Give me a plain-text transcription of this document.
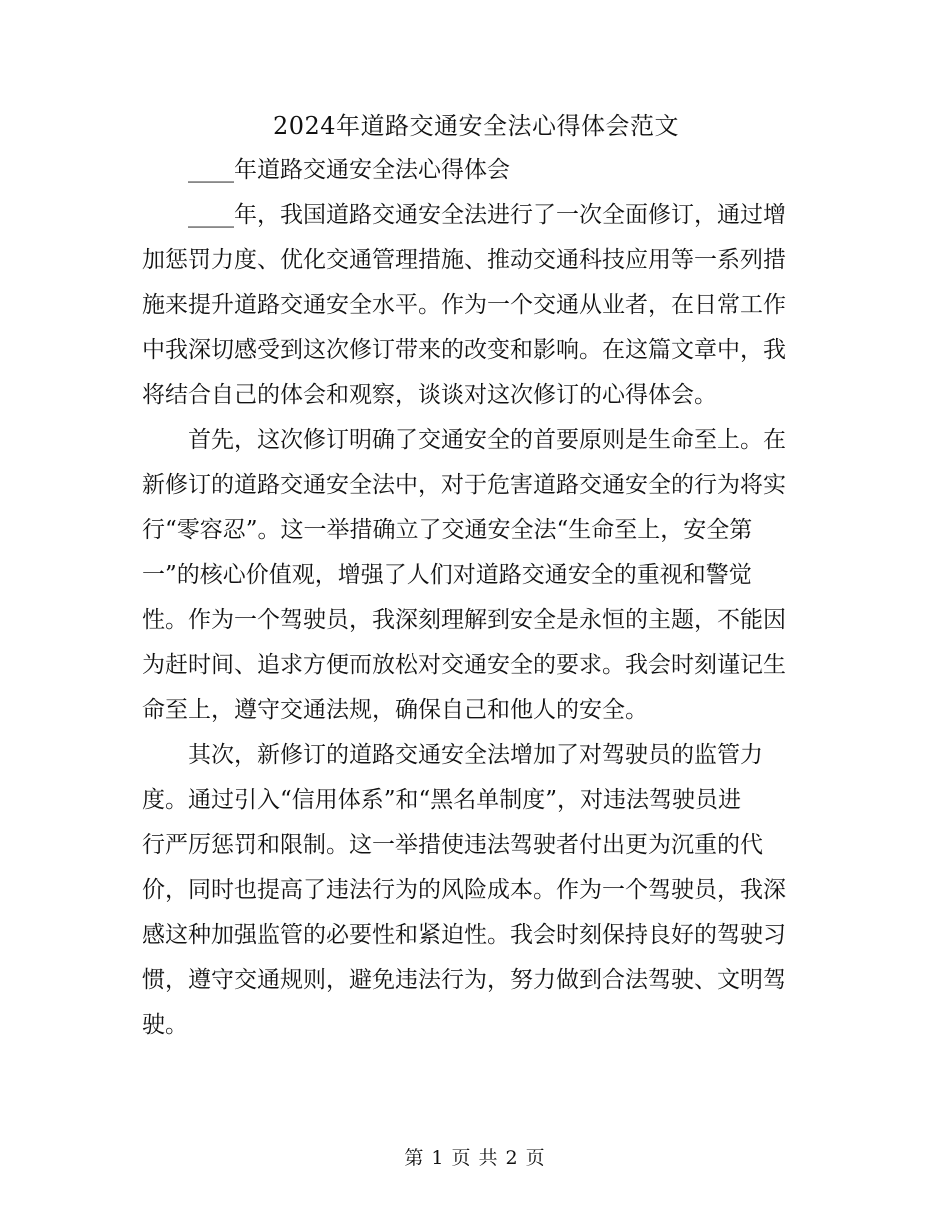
2024年道路交通安全法心得体会范文

____年道路交通安全法心得体会

____年，我国道路交通安全法进行了一次全面修订，通过增

加惩罚力度、优化交通管理措施、推动交通科技应用等一系列措

施来提升道路交通安全水平。作为一个交通从业者，在日常工作

中我深切感受到这次修订带来的改变和影响。在这篇文章中，我

将结合自己的体会和观察，谈谈对这次修订的心得体会。

首先，这次修订明确了交通安全的首要原则是生命至上。在

新修订的道路交通安全法中，对于危害道路交通安全的行为将实

行“零容忍”。这一举措确立了交通安全法“生命至上，安全第

一”的核心价值观，增强了人们对道路交通安全的重视和警觉

性。作为一个驾驶员，我深刻理解到安全是永恒的主题，不能因

为赶时间、追求方便而放松对交通安全的要求。我会时刻谨记生

命至上，遵守交通法规，确保自己和他人的安全。

其次，新修订的道路交通安全法增加了对驾驶员的监管力

度。通过引入“信用体系”和“黑名单制度”，对违法驾驶员进

行严厉惩罚和限制。这一举措使违法驾驶者付出更为沉重的代

价，同时也提高了违法行为的风险成本。作为一个驾驶员，我深

感这种加强监管的必要性和紧迫性。我会时刻保持良好的驾驶习

惯，遵守交通规则，避免违法行为，努力做到合法驾驶、文明驾

驶。

第 1 页 共 2 页
